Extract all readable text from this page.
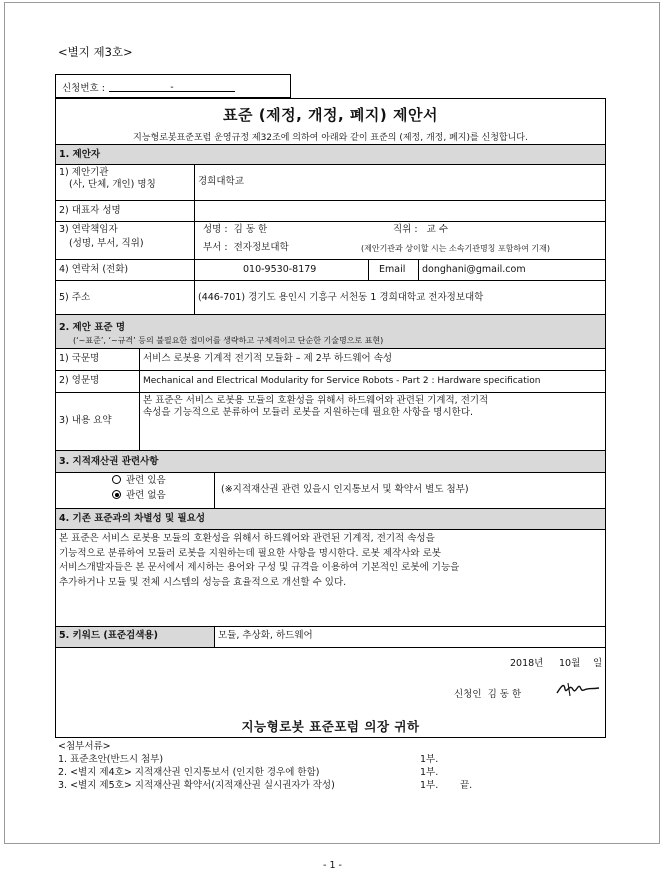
<별지 제3호>
신청번호 :	-
표준 (제정, 개정, 폐지) 제안서
지능형로봇표준포럼 운영규정 제32조에 의하여 아래와 같이 표준의 (제정, 개정, 폐지)를 신청합니다.
1. 제안자
1) 제안기관
(사, 단체, 개인) 명칭	경희대학교
2) 대표자 성명
3) 연락책임자
(성명, 부서, 직위)
성명 : 김 동 한	직위 : 교 수
부서 : 전자정보대학	(제안기관과 상이할 시는 소속기관명칭 포함하여 기재)
4) 연락처 (전화)	010-9530-8179	Email	donghani@gmail.com
5) 주소	(446-701) 경기도 용인시 기흥구 서천동 1 경희대학교 전자정보대학
2. 제안 표준 명
(‘~표준’, ‘~규격’ 등의 불필요한 접미어를 생략하고 구체적이고 단순한 기술명으로 표현)
1) 국문명	서비스 로봇용 기계적 전기적 모듈화 – 제 2부 하드웨어 속성
2) 영문명	Mechanical and Electrical Modularity for Service Robots - Part 2 : Hardware specification
3) 내용 요약
본 표준은 서비스 로봇용 모듈의 호환성을 위해서 하드웨어와 관련된 기계적, 전기적
속성을 기능적으로 분류하여 모듈러 로봇을 지원하는데 필요한 사항을 명시한다.
3. 지적재산권 관련사항
관련 있음
관련 없음
(※지적재산권 관련 있을시 인지통보서 및 확약서 별도 첨부)
4. 기존 표준과의 차별성 및 필요성
본 표준은 서비스 로봇용 모듈의 호환성을 위해서 하드웨어와 관련된 기계적, 전기적 속성을
기능적으로 분류하여 모듈러 로봇을 지원하는데 필요한 사항을 명시한다. 로봇 제작사와 로봇
서비스개발자들은 본 문서에서 제시하는 용어와 구성 및 규격을 이용하여 기본적인 로봇에 기능을
추가하거나 모듈 및 전체 시스템의 성능을 효율적으로 개선할 수 있다.
5. 키워드 (표준검색용)	모듈, 추상화, 하드웨어
2018년 10월 일
신청인 김 동 한
지능형로봇 표준포럼 의장 귀하
<첨부서류>
1. 표준초안(반드시 첨부)	1부.
2. <별지 제4호> 지적재산권 인지통보서 (인지한 경우에 한함)	1부.
3. <별지 제5호> 지적재산권 확약서(지적재산권 실시권자가 작성)	1부. 끝.
- 1 -
